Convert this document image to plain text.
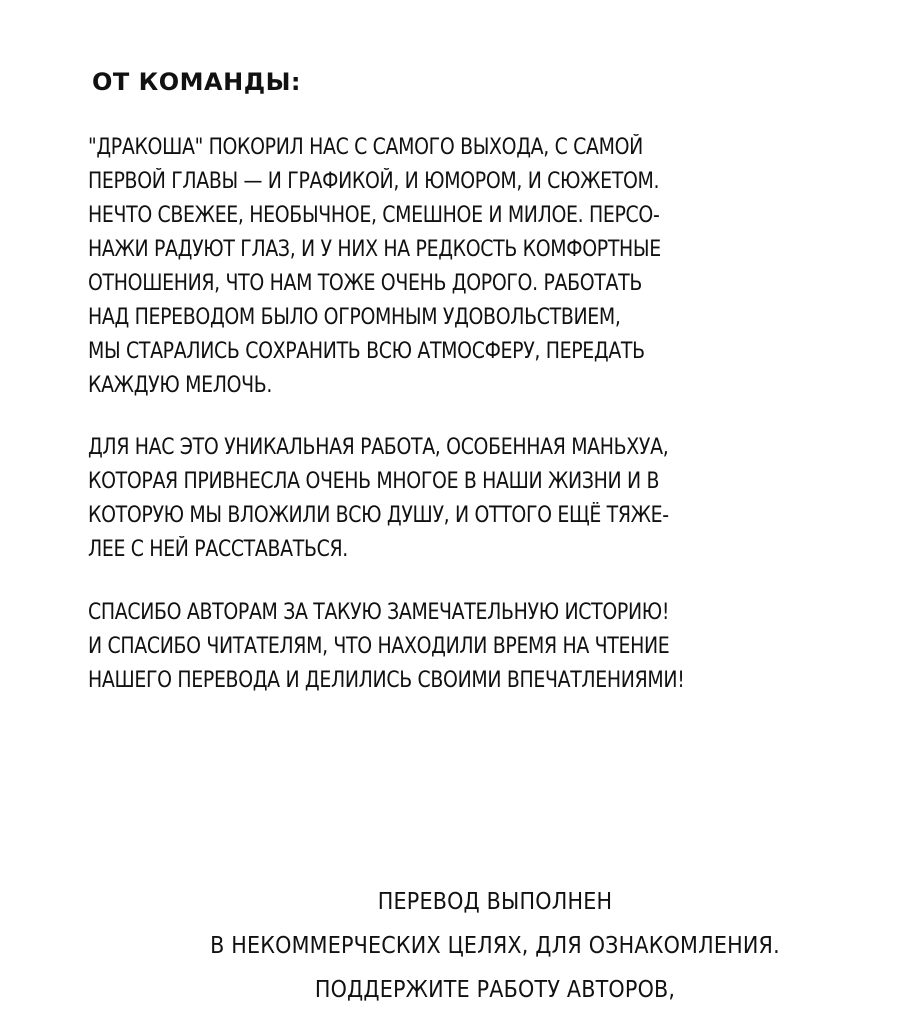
ОТ КОМАНДЫ:
"ДРАКОША" ПОКОРИЛ НАС С САМОГО ВЫХОДА, С САМОЙ
ПЕРВОЙ ГЛАВЫ — И ГРАФИКОЙ, И ЮМОРОМ, И СЮЖЕТОМ.
НЕЧТО СВЕЖЕЕ, НЕОБЫЧНОЕ, СМЕШНОЕ И МИЛОЕ. ПЕРСО-
НАЖИ РАДУЮТ ГЛАЗ, И У НИХ НА РЕДКОСТЬ КОМФОРТНЫЕ
ОТНОШЕНИЯ, ЧТО НАМ ТОЖЕ ОЧЕНЬ ДОРОГО. РАБОТАТЬ
НАД ПЕРЕВОДОМ БЫЛО ОГРОМНЫМ УДОВОЛЬСТВИЕМ,
МЫ СТАРАЛИСЬ СОХРАНИТЬ ВСЮ АТМОСФЕРУ, ПЕРЕДАТЬ
КАЖДУЮ МЕЛОЧЬ.
ДЛЯ НАС ЭТО УНИКАЛЬНАЯ РАБОТА, ОСОБЕННАЯ МАНЬХУА,
КОТОРАЯ ПРИВНЕСЛА ОЧЕНЬ МНОГОЕ В НАШИ ЖИЗНИ И В
КОТОРУЮ МЫ ВЛОЖИЛИ ВСЮ ДУШУ, И ОТТОГО ЕЩЁ ТЯЖЕ-
ЛЕЕ С НЕЙ РАССТАВАТЬСЯ.
СПАСИБО АВТОРАМ ЗА ТАКУЮ ЗАМЕЧАТЕЛЬНУЮ ИСТОРИЮ!
И СПАСИБО ЧИТАТЕЛЯМ, ЧТО НАХОДИЛИ ВРЕМЯ НА ЧТЕНИЕ
НАШЕГО ПЕРЕВОДА И ДЕЛИЛИСЬ СВОИМИ ВПЕЧАТЛЕНИЯМИ!
ПЕРЕВОД ВЫПОЛНЕН
В НЕКОММЕРЧЕСКИХ ЦЕЛЯХ, ДЛЯ ОЗНАКОМЛЕНИЯ.
ПОДДЕРЖИТЕ РАБОТУ АВТОРОВ,
